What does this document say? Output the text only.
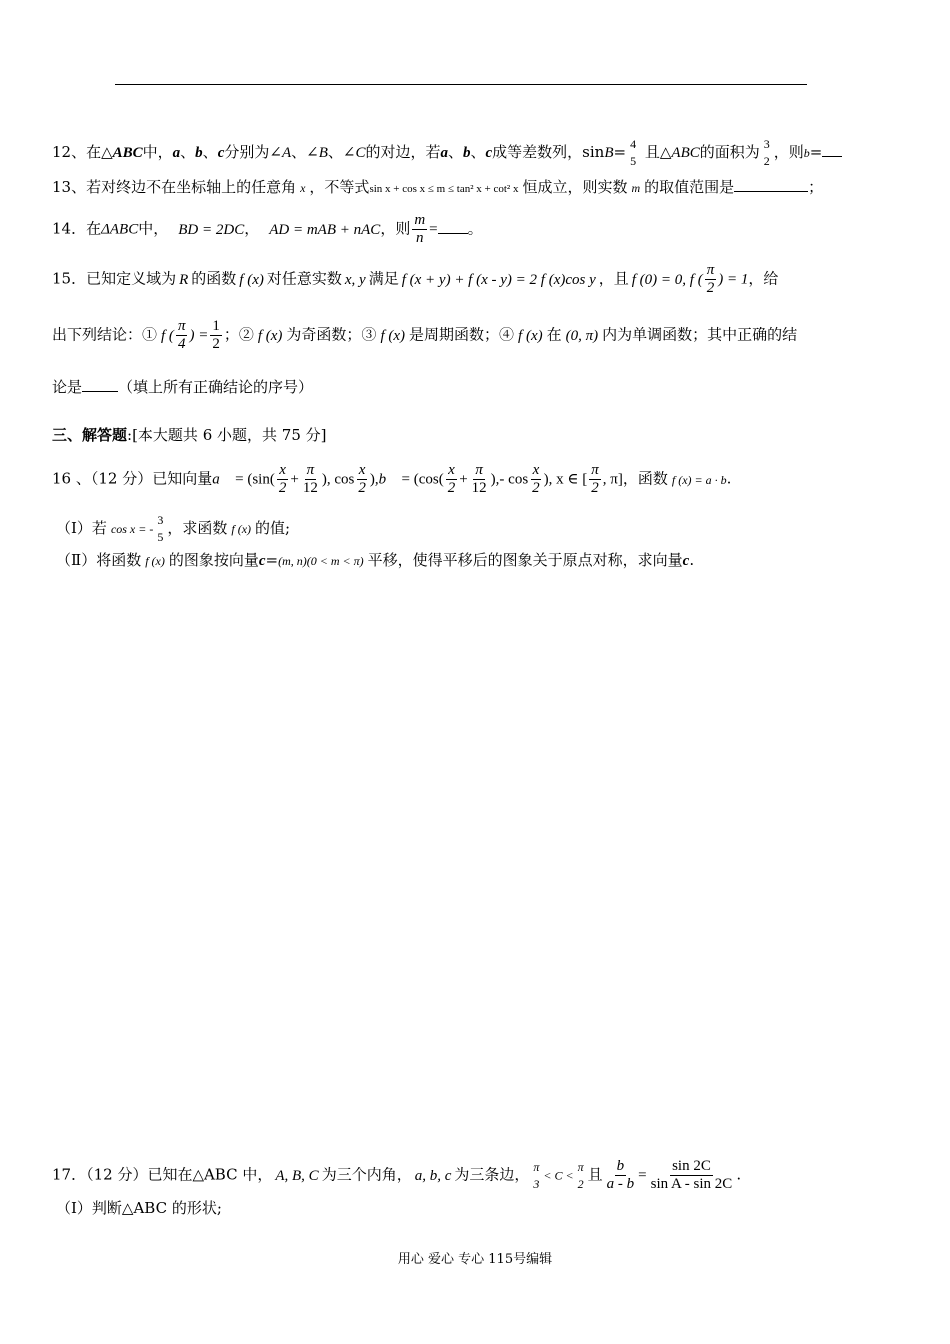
12、在△ABC中，a、b、c分别为∠A、∠B、∠C的对边，若a、b、c成等差数列，sinB= 4
5 且△ABC的面积为 3
2 ，则b=
13、若对终边不在坐标轴上的任意角 x ，不等式sin x + cos x ≤ m ≤ tan² x + cot² x 恒成立，则实数 m 的取值范围是	；
14．在ΔABC中， BD = 2DC， AD = mAB + nAC，则 $\frac{m}{n}$ = 。
15．已知定义域为 R 的函数 f (x) 对任意实数 x, y 满足 f (x + y) + f (x - y) = 2 f (x)cos y ，且 f (0) = 0, f ( $\frac{\pi}{2}$ ) = 1，给
出下列结论：① f ( $\frac{\pi}{4}$ ) = $\frac{1}{2}$ ；② f (x) 为奇函数；③ f (x) 是周期函数；④ f (x) 在 (0, π) 内为单调函数；其中正确的结
论是 （填上所有正确结论的序号）
三、解答题:[本大题共 6 小题，共 75 分]
16 、（12 分）已知向量a⃗ = ($\sin( \frac{x}{2} + \frac{\pi}{12}$ ), $\cos \frac{x}{2}$ ),b⃗ = ($\cos( \frac{x}{2} + \frac{\pi}{12}$ ),- $\cos \frac{x}{2}$ ), x ∈ [ $\frac{\pi}{2}$ , π]，函数 f (x) = a · b.
（I）若 cos x = -
3
5 ，求函数 f (x) 的值;
（Ⅱ）将函数 f (x) 的图象按向量c=(m, n)(0 < m < π) 平移，使得平移后的图象关于原点对称，求向量c.
17．（12 分）已知在△ABC 中， A, B, C 为三个内角， a, b, c 为三条边， π
3
< C <
π
2 且 $\frac{b}{a - b} = \frac{\sin 2C}{\text{sin A - sin 2C}}$ .
（Ⅰ）判断△ABC 的形状;
用心 爱心 专心 115号编辑
